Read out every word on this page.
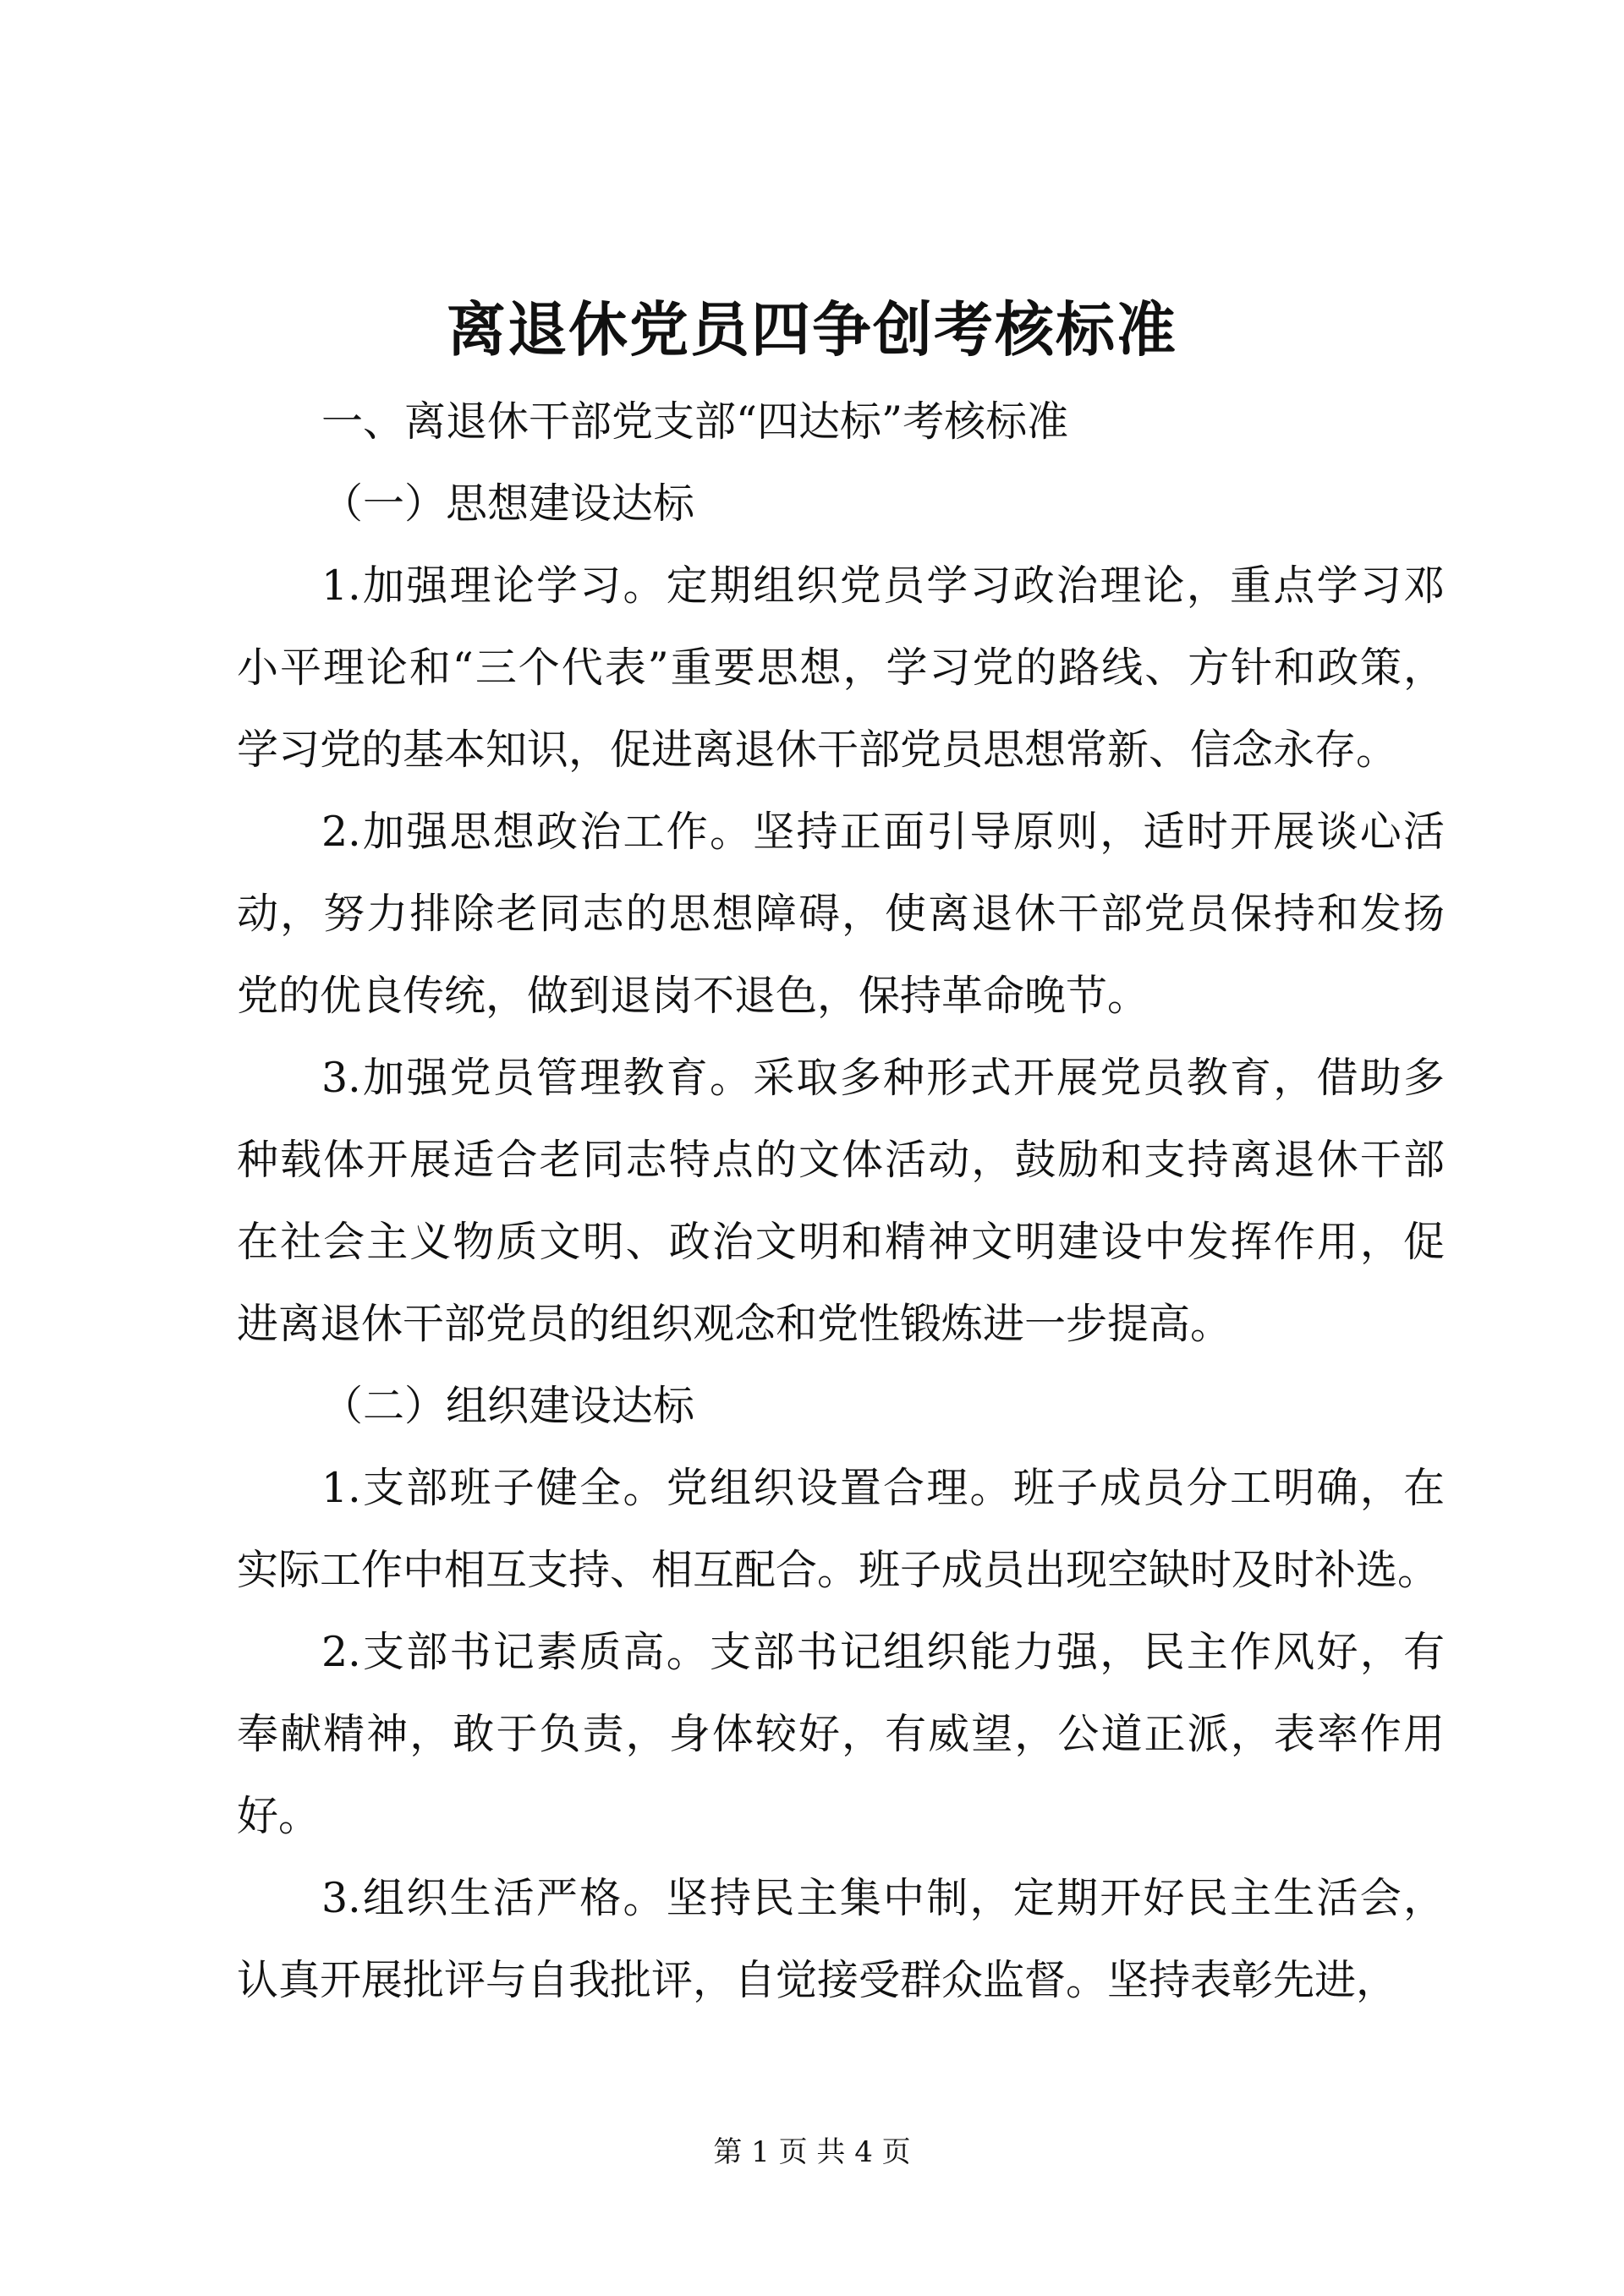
离退休党员四争创考核标准
一、离退休干部党支部“四达标”考核标准
（一）思想建设达标
1.加强理论学习。定期组织党员学习政治理论，重点学习邓
小平理论和“三个代表”重要思想，学习党的路线、方针和政策，
学习党的基本知识，促进离退休干部党员思想常新、信念永存。
2.加强思想政治工作。坚持正面引导原则，适时开展谈心活
动，努力排除老同志的思想障碍，使离退休干部党员保持和发扬
党的优良传统，做到退岗不退色，保持革命晚节。
3.加强党员管理教育。采取多种形式开展党员教育，借助多
种载体开展适合老同志特点的文体活动，鼓励和支持离退休干部
在社会主义物质文明、政治文明和精神文明建设中发挥作用，促
进离退休干部党员的组织观念和党性锻炼进一步提高。
（二）组织建设达标
1.支部班子健全。党组织设置合理。班子成员分工明确，在
实际工作中相互支持、相互配合。班子成员出现空缺时及时补选。
2.支部书记素质高。支部书记组织能力强，民主作风好，有
奉献精神，敢于负责，身体较好，有威望，公道正派，表率作用
好。
3.组织生活严格。坚持民主集中制，定期开好民主生活会，
认真开展批评与自我批评，自觉接受群众监督。坚持表彰先进，
第 1 页 共 4 页
